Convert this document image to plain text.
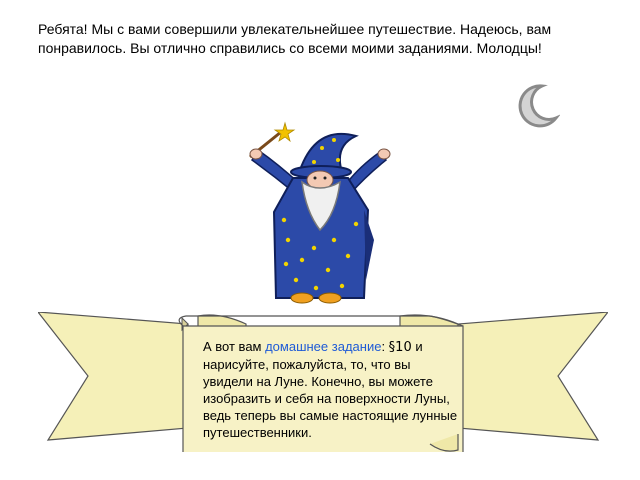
Ребята! Мы с вами совершили увлекательнейшее путешествие. Надеюсь, вам понравилось. Вы отлично справились со всеми моими заданиями. Молодцы!
А вот вам домашнее задание: §10 и нарисуйте, пожалуйста, то, что вы увидели на Луне. Конечно, вы можете изобразить и себя на поверхности Луны, ведь теперь вы самые настоящие лунные путешественники.
